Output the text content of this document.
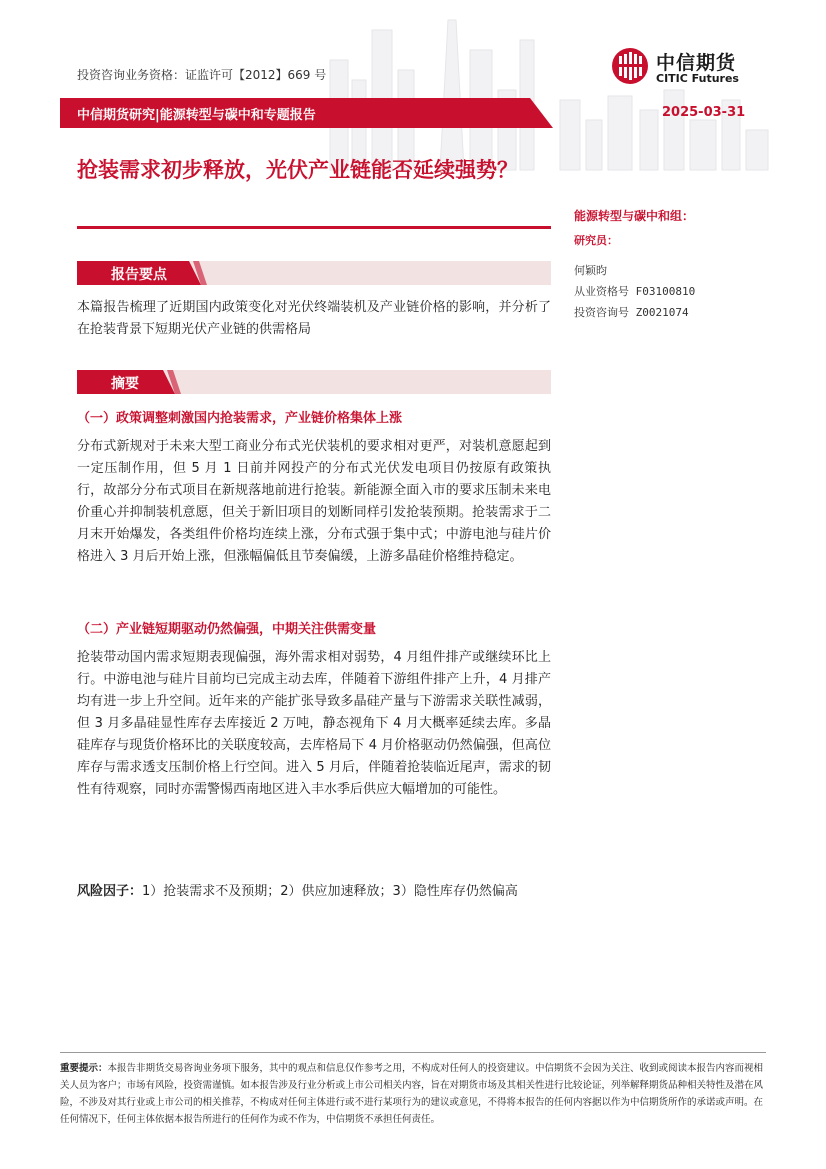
投资咨询业务资格：证监许可【2012】669 号
中信期货
CITIC Futures
中信期货研究|能源转型与碳中和专题报告	2025-03-31
抢装需求初步释放，光伏产业链能否延续强势？
能源转型与碳中和组：
研究员：
何颖昀
从业资格号 F03100810
投资咨询号 Z0021074
报告要点
本篇报告梳理了近期国内政策变化对光伏终端装机及产业链价格的影响，并分析了在抢装背景下短期光伏产业链的供需格局
摘要
（一）政策调整刺激国内抢装需求，产业链价格集体上涨
分布式新规对于未来大型工商业分布式光伏装机的要求相对更严，对装机意愿起到一定压制作用，但 5 月 1 日前并网投产的分布式光伏发电项目仍按原有政策执行，故部分分布式项目在新规落地前进行抢装。新能源全面入市的要求压制未来电价重心并抑制装机意愿，但关于新旧项目的划断同样引发抢装预期。抢装需求于二月末开始爆发，各类组件价格均连续上涨，分布式强于集中式；中游电池与硅片价格进入 3 月后开始上涨，但涨幅偏低且节奏偏缓，上游多晶硅价格维持稳定。
（二）产业链短期驱动仍然偏强，中期关注供需变量
抢装带动国内需求短期表现偏强，海外需求相对弱势，4 月组件排产或继续环比上行。中游电池与硅片目前均已完成主动去库，伴随着下游组件排产上升，4 月排产均有进一步上升空间。近年来的产能扩张导致多晶硅产量与下游需求关联性减弱，但 3 月多晶硅显性库存去库接近 2 万吨，静态视角下 4 月大概率延续去库。多晶硅库存与现货价格环比的关联度较高，去库格局下 4 月价格驱动仍然偏强，但高位库存与需求透支压制价格上行空间。进入 5 月后，伴随着抢装临近尾声，需求的韧性有待观察，同时亦需警惕西南地区进入丰水季后供应大幅增加的可能性。
风险因子：1）抢装需求不及预期；2）供应加速释放；3）隐性库存仍然偏高
重要提示：本报告非期货交易咨询业务项下服务，其中的观点和信息仅作参考之用，不构成对任何人的投资建议。中信期货不会因为关注、收到或阅读本报告内容而视相关人员为客户；市场有风险，投资需谨慎。如本报告涉及行业分析或上市公司相关内容，旨在对期货市场及其相关性进行比较论证，列举解释期货品种相关特性及潜在风险，不涉及对其行业或上市公司的相关推荐，不构成对任何主体进行或不进行某项行为的建议或意见，不得将本报告的任何内容据以作为中信期货所作的承诺或声明。在任何情况下，任何主体依据本报告所进行的任何作为或不作为，中信期货不承担任何责任。
